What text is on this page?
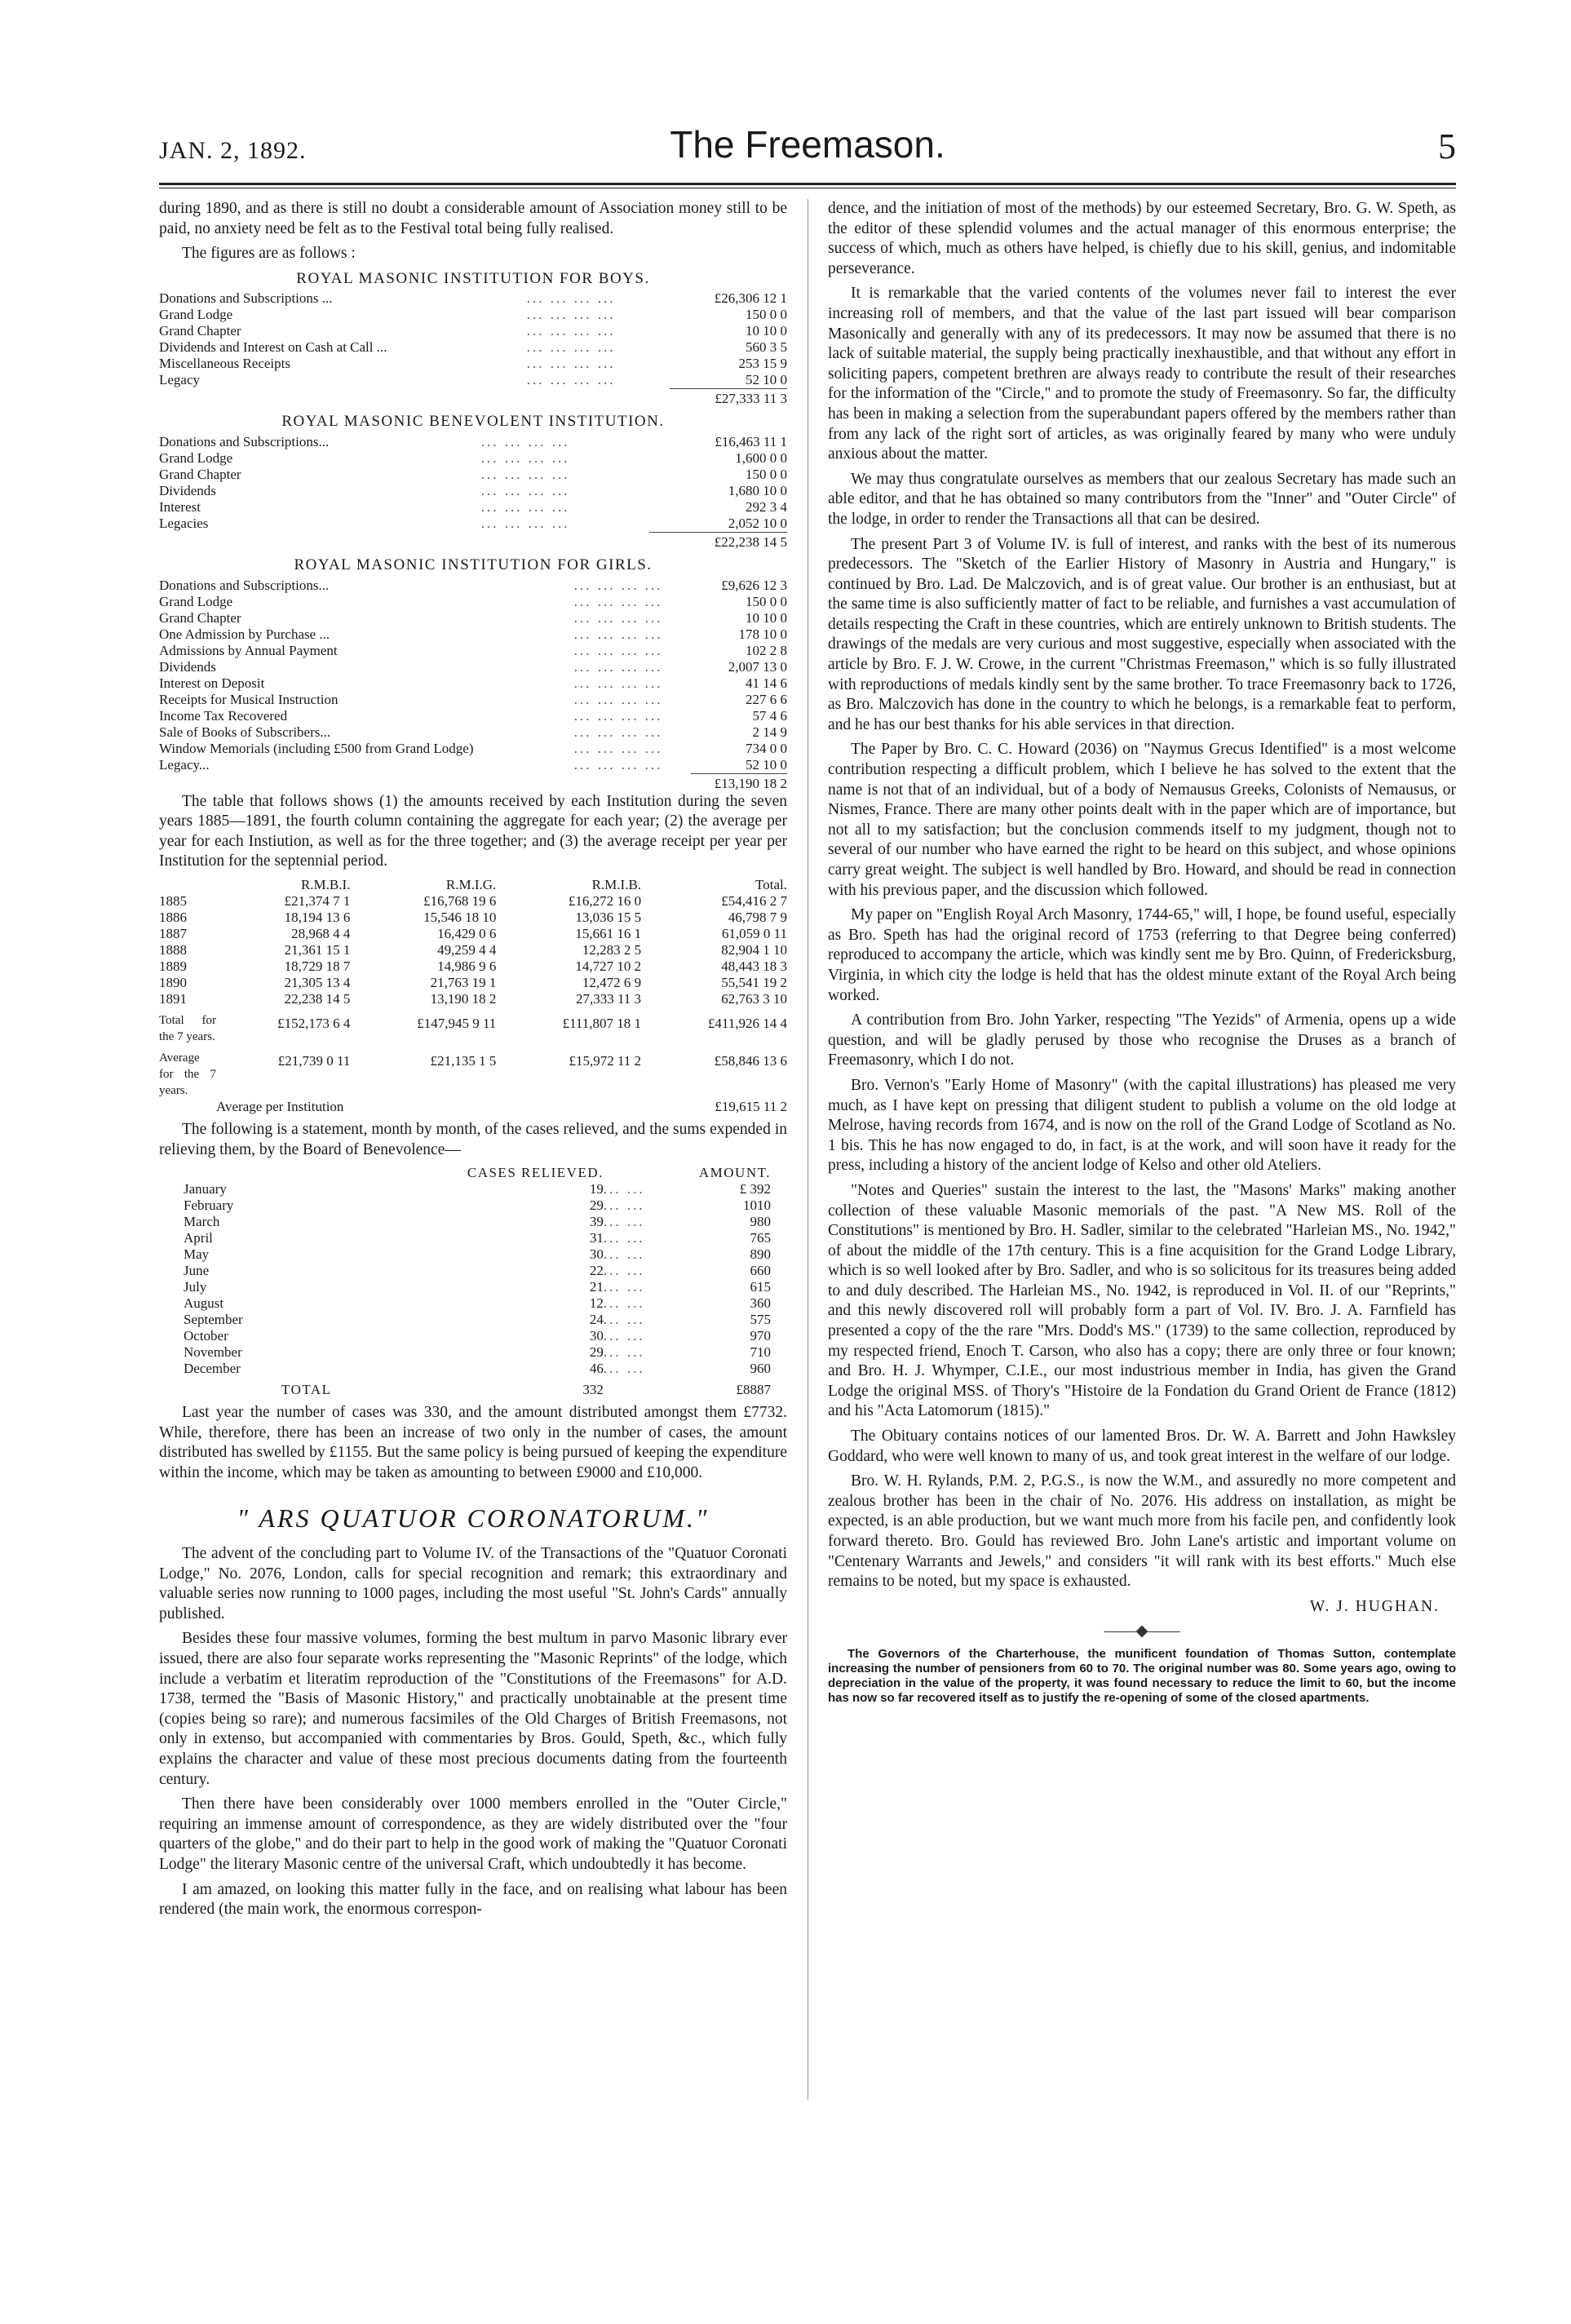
JAN. 2, 1892.	The Freemason.	5

during 1890, and as there is still no doubt a considerable amount of Association money still to be paid, no anxiety need be felt as to the Festival total being fully realised.

The figures are as follows :

ROYAL MASONIC INSTITUTION FOR BOYS.
Donations and Subscriptions ...	... ... ... ...	£26,306 12 1
Grand Lodge	... ... ... ...	150 0 0
Grand Chapter	... ... ... ...	10 10 0
Dividends and Interest on Cash at Call ...	... ... ... ...	560 3 5
Miscellaneous Receipts	... ... ... ...	253 15 9
Legacy	... ... ... ...	52 10 0
		£27,333 11 3
ROYAL MASONIC BENEVOLENT INSTITUTION.
Donations and Subscriptions...	... ... ... ...	£16,463 11 1
Grand Lodge	... ... ... ...	1,600 0 0
Grand Chapter	... ... ... ...	150 0 0
Dividends	... ... ... ...	1,680 10 0
Interest	... ... ... ...	292 3 4
Legacies	... ... ... ...	2,052 10 0
		£22,238 14 5
ROYAL MASONIC INSTITUTION FOR GIRLS.
Donations and Subscriptions...	... ... ... ...	£9,626 12 3
Grand Lodge	... ... ... ...	150 0 0
Grand Chapter	... ... ... ...	10 10 0
One Admission by Purchase ...	... ... ... ...	178 10 0
Admissions by Annual Payment	... ... ... ...	102 2 8
Dividends	... ... ... ...	2,007 13 0
Interest on Deposit	... ... ... ...	41 14 6
Receipts for Musical Instruction	... ... ... ...	227 6 6
Income Tax Recovered	... ... ... ...	57 4 6
Sale of Books of Subscribers...	... ... ... ...	2 14 9
Window Memorials (including £500 from Grand Lodge)	... ... ... ...	734 0 0
Legacy...	... ... ... ...	52 10 0
		£13,190 18 2

The table that follows shows (1) the amounts received by each Institution during the seven years 1885—1891, the fourth column containing the aggregate for each year; (2) the average per year for each Instiution, as well as for the three together; and (3) the average receipt per year per Institution for the septennial period.

	R.M.B.I.	R.M.I.G.	R.M.I.B.	Total.
1885	£21,374 7 1	£16,768 19 6	£16,272 16 0	£54,416 2 7
1886	18,194 13 6	15,546 18 10	13,036 15 5	46,798 7 9
1887	28,968 4 4	16,429 0 6	15,661 16 1	61,059 0 11
1888	21,361 15 1	49,259 4 4	12,283 2 5	82,904 1 10
1889	18,729 18 7	14,986 9 6	14,727 10 2	48,443 18 3
1890	21,305 13 4	21,763 19 1	12,472 6 9	55,541 19 2
1891	22,238 14 5	13,190 18 2	27,333 11 3	62,763 3 10
Total for the 7 years.	£152,173 6 4	£147,945 9 11	£111,807 18 1	£411,926 14 4
Average for the 7 years.	£21,739 0 11	£21,135 1 5	£15,972 11 2	£58,846 13 6
	Average per Institution			£19,615 11 2

The following is a statement, month by month, of the cases relieved, and the sums expended in relieving them, by the Board of Benevolence—

	CASES RELIEVED.		AMOUNT.
January	19	... ...	£ 392
February	29	... ...	1010
March	39	... ...	980
April	31	... ...	765
May	30	... ...	890
June	22	... ...	660
July	21	... ...	615
August	12	... ...	360
September	24	... ...	575
October	30	... ...	970
November	29	... ...	710
December	46	... ...	960
TOTAL	332		£8887

Last year the number of cases was 330, and the amount distributed amongst them £7732. While, therefore, there has been an increase of two only in the number of cases, the amount distributed has swelled by £1155. But the same policy is being pursued of keeping the expenditure within the income, which may be taken as amounting to between £9000 and £10,000.

" ARS QUATUOR CORONATORUM."

The advent of the concluding part to Volume IV. of the Transactions of the "Quatuor Coronati Lodge," No. 2076, London, calls for special recognition and remark; this extraordinary and valuable series now running to 1000 pages, including the most useful "St. John's Cards" annually published.

Besides these four massive volumes, forming the best multum in parvo Masonic library ever issued, there are also four separate works representing the "Masonic Reprints" of the lodge, which include a verbatim et literatim reproduction of the "Constitutions of the Freemasons" for A.D. 1738, termed the "Basis of Masonic History," and practically unobtainable at the present time (copies being so rare); and numerous facsimiles of the Old Charges of British Freemasons, not only in extenso, but accompanied with commentaries by Bros. Gould, Speth, &c., which fully explains the character and value of these most precious documents dating from the fourteenth century.

Then there have been considerably over 1000 members enrolled in the "Outer Circle," requiring an immense amount of correspondence, as they are widely distributed over the "four quarters of the globe," and do their part to help in the good work of making the "Quatuor Coronati Lodge" the literary Masonic centre of the universal Craft, which undoubtedly it has become.

I am amazed, on looking this matter fully in the face, and on realising what labour has been rendered (the main work, the enormous correspon-

dence, and the initiation of most of the methods) by our esteemed Secretary, Bro. G. W. Speth, as the editor of these splendid volumes and the actual manager of this enormous enterprise; the success of which, much as others have helped, is chiefly due to his skill, genius, and indomitable perseverance.

It is remarkable that the varied contents of the volumes never fail to interest the ever increasing roll of members, and that the value of the last part issued will bear comparison Masonically and generally with any of its predecessors. It may now be assumed that there is no lack of suitable material, the supply being practically inexhaustible, and that without any effort in soliciting papers, competent brethren are always ready to contribute the result of their researches for the information of the "Circle," and to promote the study of Freemasonry. So far, the difficulty has been in making a selection from the superabundant papers offered by the members rather than from any lack of the right sort of articles, as was originally feared by many who were unduly anxious about the matter.

We may thus congratulate ourselves as members that our zealous Secretary has made such an able editor, and that he has obtained so many contributors from the "Inner" and "Outer Circle" of the lodge, in order to render the Transactions all that can be desired.

The present Part 3 of Volume IV. is full of interest, and ranks with the best of its numerous predecessors. The "Sketch of the Earlier History of Masonry in Austria and Hungary," is continued by Bro. Lad. De Malczovich, and is of great value. Our brother is an enthusiast, but at the same time is also sufficiently matter of fact to be reliable, and furnishes a vast accumulation of details respecting the Craft in these countries, which are entirely unknown to British students. The drawings of the medals are very curious and most suggestive, especially when associated with the article by Bro. F. J. W. Crowe, in the current "Christmas Freemason," which is so fully illustrated with reproductions of medals kindly sent by the same brother. To trace Freemasonry back to 1726, as Bro. Malczovich has done in the country to which he belongs, is a remarkable feat to perform, and he has our best thanks for his able services in that direction.

The Paper by Bro. C. C. Howard (2036) on "Naymus Grecus Identified" is a most welcome contribution respecting a difficult problem, which I believe he has solved to the extent that the name is not that of an individual, but of a body of Nemausus Greeks, Colonists of Nemausus, or Nismes, France. There are many other points dealt with in the paper which are of importance, but not all to my satisfaction; but the conclusion commends itself to my judgment, though not to several of our number who have earned the right to be heard on this subject, and whose opinions carry great weight. The subject is well handled by Bro. Howard, and should be read in connection with his previous paper, and the discussion which followed.

My paper on "English Royal Arch Masonry, 1744-65," will, I hope, be found useful, especially as Bro. Speth has had the original record of 1753 (referring to that Degree being conferred) reproduced to accompany the article, which was kindly sent me by Bro. Quinn, of Fredericksburg, Virginia, in which city the lodge is held that has the oldest minute extant of the Royal Arch being worked.

A contribution from Bro. John Yarker, respecting "The Yezids" of Armenia, opens up a wide question, and will be gladly perused by those who recognise the Druses as a branch of Freemasonry, which I do not.

Bro. Vernon's "Early Home of Masonry" (with the capital illustrations) has pleased me very much, as I have kept on pressing that diligent student to publish a volume on the old lodge at Melrose, having records from 1674, and is now on the roll of the Grand Lodge of Scotland as No. 1 bis. This he has now engaged to do, in fact, is at the work, and will soon have it ready for the press, including a history of the ancient lodge of Kelso and other old Ateliers.

"Notes and Queries" sustain the interest to the last, the "Masons' Marks" making another collection of these valuable Masonic memorials of the past. "A New MS. Roll of the Constitutions" is mentioned by Bro. H. Sadler, similar to the celebrated "Harleian MS., No. 1942," of about the middle of the 17th century. This is a fine acquisition for the Grand Lodge Library, which is so well looked after by Bro. Sadler, and who is so solicitous for its treasures being added to and duly described. The Harleian MS., No. 1942, is reproduced in Vol. II. of our "Reprints," and this newly discovered roll will probably form a part of Vol. IV. Bro. J. A. Farnfield has presented a copy of the the rare "Mrs. Dodd's MS." (1739) to the same collection, reproduced by my respected friend, Enoch T. Carson, who also has a copy; there are only three or four known; and Bro. H. J. Whymper, C.I.E., our most industrious member in India, has given the Grand Lodge the original MSS. of Thory's "Histoire de la Fondation du Grand Orient de France (1812) and his "Acta Latomorum (1815)."

The Obituary contains notices of our lamented Bros. Dr. W. A. Barrett and John Hawksley Goddard, who were well known to many of us, and took great interest in the welfare of our lodge.

Bro. W. H. Rylands, P.M. 2, P.G.S., is now the W.M., and assuredly no more competent and zealous brother has been in the chair of No. 2076. His address on installation, as might be expected, is an able production, but we want much more from his facile pen, and confidently look forward thereto. Bro. Gould has reviewed Bro. John Lane's artistic and important volume on "Centenary Warrants and Jewels," and considers "it will rank with its best efforts." Much else remains to be noted, but my space is exhausted.

W. J. HUGHAN.
——◆——
The Governors of the Charterhouse, the munificent foundation of Thomas Sutton, contemplate increasing the number of pensioners from 60 to 70. The original number was 80. Some years ago, owing to depreciation in the value of the property, it was found necessary to reduce the limit to 60, but the income has now so far recovered itself as to justify the re-opening of some of the closed apartments.
